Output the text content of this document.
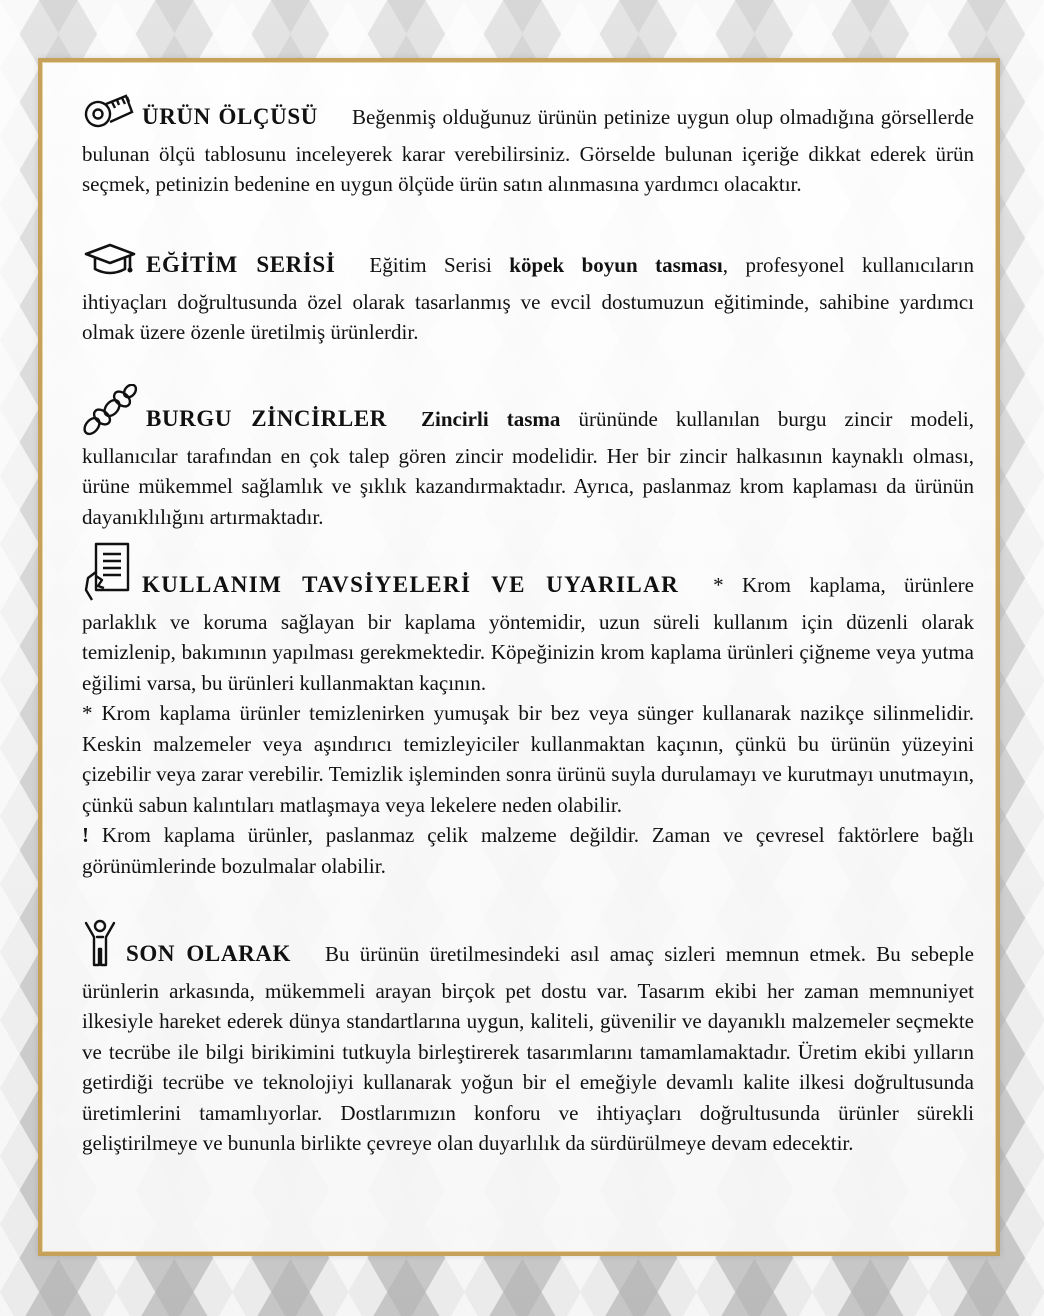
ÜRÜN ÖLÇÜSÜ Beğenmiş olduğunuz ürünün petinize uygun olup olmadığına görsellerde bulunan ölçü tablosunu inceleyerek karar verebilirsiniz. Görselde bulunan içeriğe dikkat ederek ürün seçmek, petinizin bedenine en uygun ölçüde ürün satın alınmasına yardımcı olacaktır.

EĞİTİM SERİSİ Eğitim Serisi köpek boyun tasması, profesyonel kullanıcıların ihtiyaçları doğrultusunda özel olarak tasarlanmış ve evcil dostumuzun eğitiminde, sahibine yardımcı olmak üzere özenle üretilmiş ürünlerdir.

BURGU ZİNCİRLER Zincirli tasma ürününde kullanılan burgu zincir modeli, kullanıcılar tarafından en çok talep gören zincir modelidir. Her bir zincir halkasının kaynaklı olması, ürüne mükemmel sağlamlık ve şıklık kazandırmaktadır. Ayrıca, paslanmaz krom kaplaması da ürünün dayanıklılığını artırmaktadır.

KULLANIM TAVSİYELERİ VE UYARILAR * Krom kaplama, ürünlere parlaklık ve koruma sağlayan bir kaplama yöntemidir, uzun süreli kullanım için düzenli olarak temizlenip, bakımının yapılması gerekmektedir. Köpeğinizin krom kaplama ürünleri çiğneme veya yutma eğilimi varsa, bu ürünleri kullanmaktan kaçının.

* Krom kaplama ürünler temizlenirken yumuşak bir bez veya sünger kullanarak nazikçe silinmelidir. Keskin malzemeler veya aşındırıcı temizleyiciler kullanmaktan kaçının, çünkü bu ürünün yüzeyini çizebilir veya zarar verebilir. Temizlik işleminden sonra ürünü suyla durulamayı ve kurutmayı unutmayın, çünkü sabun kalıntıları matlaşmaya veya lekelere neden olabilir.

! Krom kaplama ürünler, paslanmaz çelik malzeme değildir. Zaman ve çevresel faktörlere bağlı görünümlerinde bozulmalar olabilir.

SON OLARAK Bu ürünün üretilmesindeki asıl amaç sizleri memnun etmek. Bu sebeple ürünlerin arkasında, mükemmeli arayan birçok pet dostu var. Tasarım ekibi her zaman memnuniyet ilkesiyle hareket ederek dünya standartlarına uygun, kaliteli, güvenilir ve dayanıklı malzemeler seçmekte ve tecrübe ile bilgi birikimini tutkuyla birleştirerek tasarımlarını tamamlamaktadır. Üretim ekibi yılların getirdiği tecrübe ve teknolojiyi kullanarak yoğun bir el emeğiyle devamlı kalite ilkesi doğrultusunda üretimlerini tamamlıyorlar. Dostlarımızın konforu ve ihtiyaçları doğrultusunda ürünler sürekli geliştirilmeye ve bununla birlikte çevreye olan duyarlılık da sürdürülmeye devam edecektir.
